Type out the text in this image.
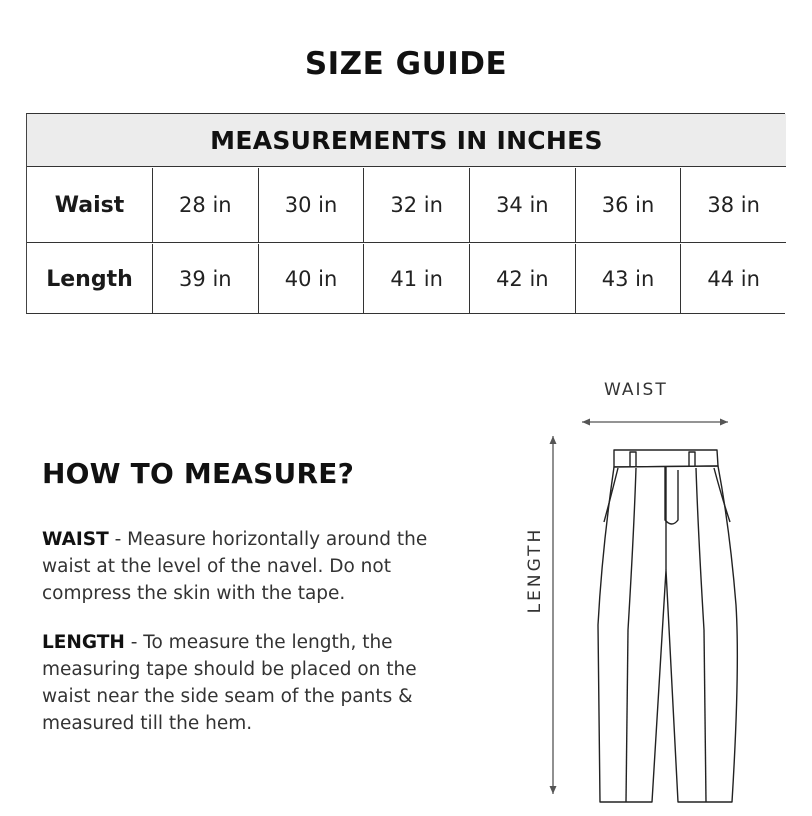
SIZE GUIDE
MEASUREMENTS IN INCHES
Waist	28 in	30 in	32 in	34 in	36 in	38 in
Length	39 in	40 in	41 in	42 in	43 in	44 in
HOW TO MEASURE?
WAIST - Measure horizontally around the waist at the level of the navel. Do not compress the skin with the tape.
LENGTH - To measure the length, the measuring tape should be placed on the waist near the side seam of the pants & measured till the hem.
WAIST
LENGTH
